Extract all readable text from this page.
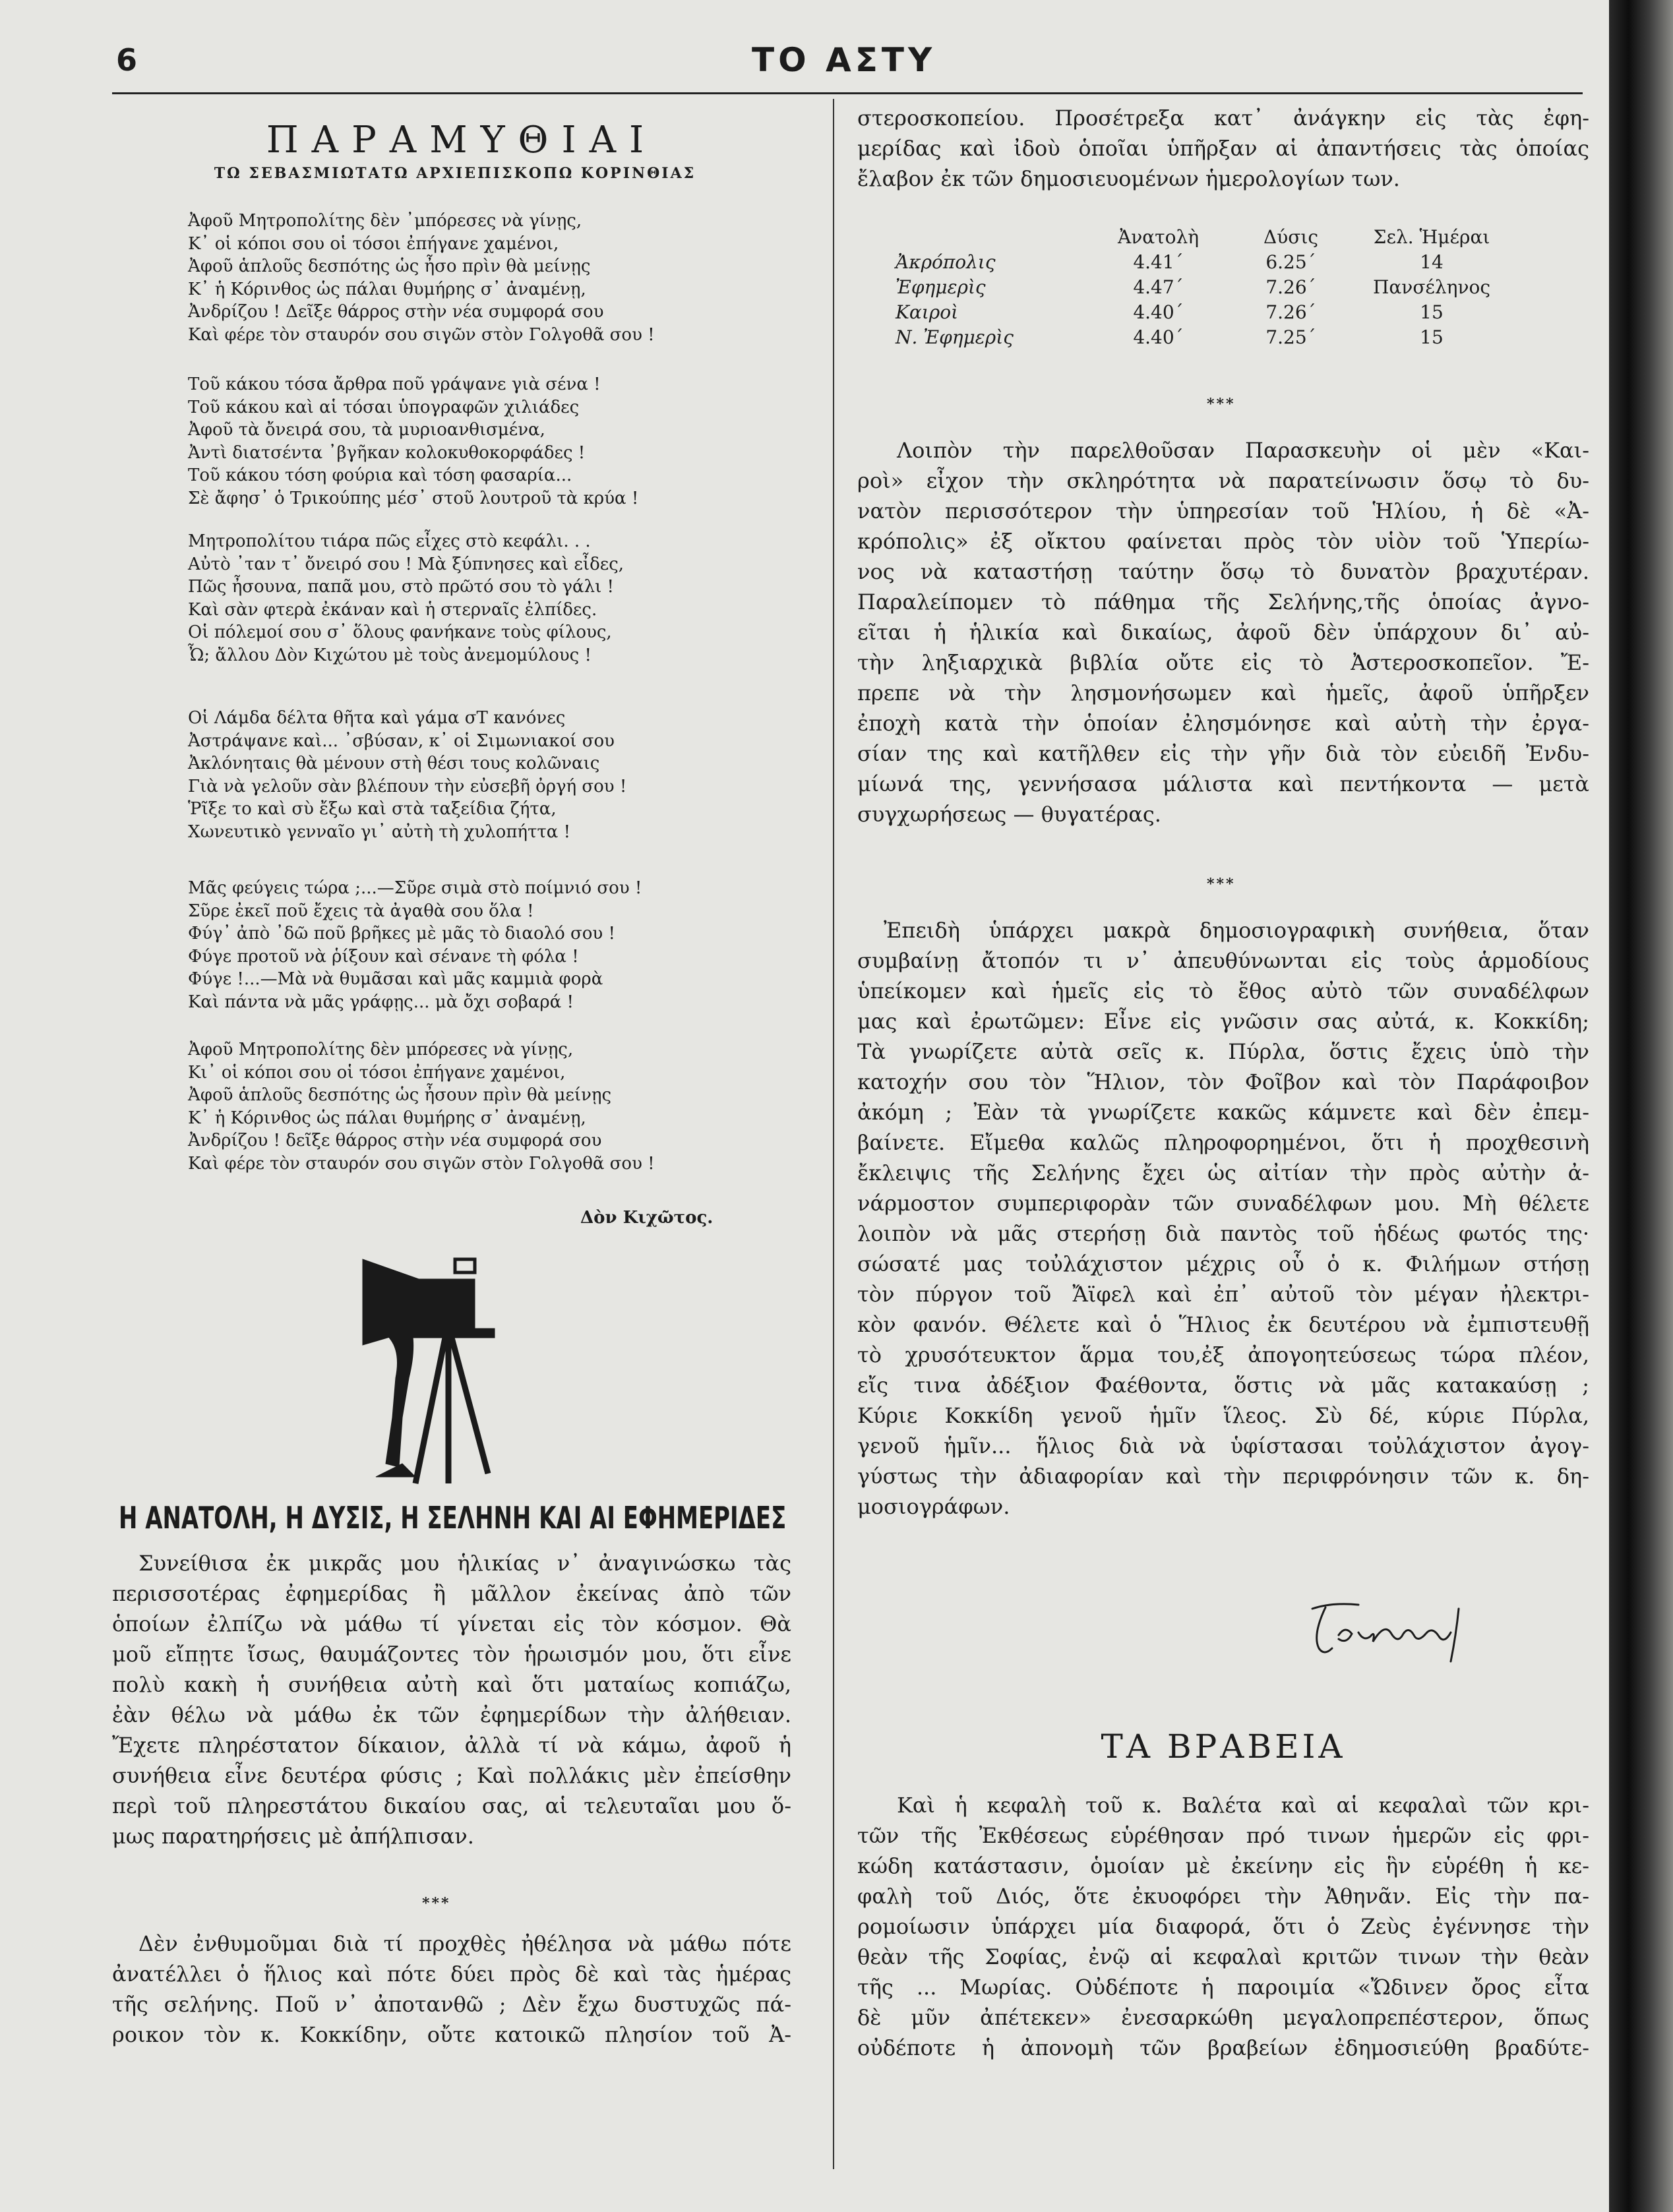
6	ΤΟ ΑΣΤΥ
ΠΑΡΑΜΥΘΙΑΙ
ΤΩ ΣΕΒΑΣΜΙΩΤΑΤΩ ΑΡΧΙΕΠΙΣΚΟΠΩ ΚΟΡΙΝΘΙΑΣ
Ἀφοῦ Μητροπολίτης δὲν ᾽μπόρεσες νὰ γίνῃς,
Κ᾽ οἱ κόποι σου οἱ τόσοι ἐπήγανε χαμένοι,
Ἀφοῦ ἁπλοῦς δεσπότης ὡς ἦσο πρὶν θὰ μείνῃς
Κ᾽ ἡ Κόρινθος ὡς πάλαι θυμήρης σ᾽ ἀναμένῃ,
Ἀνδρίζου ! Δεῖξε θάρρος στὴν νέα συμφορά σου
Καὶ φέρε τὸν σταυρόν σου σιγῶν στὸν Γολγοθᾶ σου !
Τοῦ κάκου τόσα ἄρθρα ποῦ γράψανε γιὰ σένα !
Τοῦ κάκου καὶ αἱ τόσαι ὑπογραφῶν χιλιάδες
Ἀφοῦ τὰ ὄνειρά σου, τὰ μυριοανθισμένα,
Ἀντὶ διατσέντα ᾽βγῆκαν κολοκυθοκορφάδες !
Τοῦ κάκου τόση φούρια καὶ τόση φασαρία...
Σὲ ἄφησ᾽ ὁ Τρικούπης μέσ᾽ στοῦ λουτροῦ τὰ κρύα !
Μητροπολίτου τιάρα πῶς εἶχες στὸ κεφάλι. . .
Αὐτὸ ᾽ταν τ᾽ ὄνειρό σου ! Μὰ ξύπνησες καὶ εἶδες,
Πῶς ἦσουνα, παπᾶ μου, στὸ πρῶτό σου τὸ γάλι !
Καὶ σὰν φτερὰ ἐκάναν καὶ ἡ στερναῖς ἐλπίδες.
Οἱ πόλεμοί σου σ᾽ ὅλους φανήκανε τοὺς φίλους,
Ὦ; ἄλλου Δὸν Κιχώτου μὲ τοὺς ἀνεμομύλους !
Οἱ Λάμδα δέλτα θῆτα καὶ γάμα σΤ κανόνες
Ἀστράψανε καὶ... ᾽σβύσαν, κ᾽ οἱ Σιμωνιακοί σου
Ἀκλόνηταις θὰ μένουν στὴ θέσι τους κολῶναις
Γιὰ νὰ γελοῦν σὰν βλέπουν τὴν εὐσεβῆ ὀργή σου !
Ῥῖξε το καὶ σὺ ἔξω καὶ στὰ ταξείδια ζήτα,
Χωνευτικὸ γενναῖο γι᾽ αὐτὴ τὴ χυλοπήττα !
Μᾶς φεύγεις τώρα ;...—Σῦρε σιμὰ στὸ ποίμνιό σου !
Σῦρε ἐκεῖ ποῦ ἔχεις τὰ ἀγαθὰ σου ὅλα !
Φύγ᾽ ἀπὸ ᾽δῶ ποῦ βρῆκες μὲ μᾶς τὸ διαολό σου !
Φύγε προτοῦ νὰ ῥίξουν καὶ σένανε τὴ φόλα !
Φύγε !...—Μὰ νὰ θυμᾶσαι καὶ μᾶς καμμιὰ φορὰ
Καὶ πάντα νὰ μᾶς γράφῃς... μὰ ὄχι σοβαρά !
Ἀφοῦ Μητροπολίτης δὲν μπόρεσες νὰ γίνῃς,
Κι᾽ οἱ κόποι σου οἱ τόσοι ἐπήγανε χαμένοι,
Ἀφοῦ ἁπλοῦς δεσπότης ὡς ἦσουν πρὶν θὰ μείνῃς
Κ᾽ ἡ Κόρινθος ὡς πάλαι θυμήρης σ᾽ ἀναμένῃ,
Ἀνδρίζου ! δεῖξε θάρρος στὴν νέα συμφορά σου
Καὶ φέρε τὸν σταυρόν σου σιγῶν στὸν Γολγοθᾶ σου !
Δὸν Κιχῶτος.
Η ΑΝΑΤΟΛΗ, Η ΔΥΣΙΣ, Η ΣΕΛΗΝΗ ΚΑΙ ΑΙ ΕΦΗΜΕΡΙΔΕΣ
Συνείθισα ἐκ μικρᾶς μου ἡλικίας ν᾽ ἀναγινώσκω τὰς
περισσοτέρας ἐφημερίδας ἢ μᾶλλον ἐκείνας ἀπὸ τῶν
ὁποίων ἐλπίζω νὰ μάθω τί γίνεται εἰς τὸν κόσμον. Θὰ
μοῦ εἴπῃτε ἴσως, θαυμάζοντες τὸν ἡρωισμόν μου, ὅτι εἶνε
πολὺ κακὴ ἡ συνήθεια αὐτὴ καὶ ὅτι ματαίως κοπιάζω,
ἐὰν θέλω νὰ μάθω ἐκ τῶν ἐφημερίδων τὴν ἀλήθειαν.
Ἔχετε πληρέστατον δίκαιον, ἀλλὰ τί νὰ κάμω, ἀφοῦ ἡ
συνήθεια εἶνε δευτέρα φύσις ; Καὶ πολλάκις μὲν ἐπείσθην
περὶ τοῦ πληρεστάτου δικαίου σας, αἱ τελευταῖαι μου ὅ-
μως παρατηρήσεις μὲ ἀπήλπισαν.
***
Δὲν ἐνθυμοῦμαι διὰ τί προχθὲς ἠθέλησα νὰ μάθω πότε
ἀνατέλλει ὁ ἥλιος καὶ πότε δύει πρὸς δὲ καὶ τὰς ἡμέρας
τῆς σελήνης. Ποῦ ν᾽ ἀποτανθῶ ; Δὲν ἔχω δυστυχῶς πά-
ροικον τὸν κ. Κοκκίδην, οὔτε κατοικῶ πλησίον τοῦ Ἀ-
στεροσκοπείου. Προσέτρεξα κατ᾽ ἀνάγκην εἰς τὰς ἐφη-
μερίδας καὶ ἰδοὺ ὁποῖαι ὑπῆρξαν αἱ ἀπαντήσεις τὰς ὁποίας
ἔλαβον ἐκ τῶν δημοσιευομένων ἡμερολογίων των.
	Ἀνατολὴ	Δύσις	Σελ. Ἡμέραι
Ἀκρόπολις	4.41΄	6.25΄	14
Ἐφημερὶς	4.47΄	7.26΄	Πανσέληνος
Καιροὶ	4.40΄	7.26΄	15
Ν. Ἐφημερὶς	4.40΄	7.25΄	15
***
Λοιπὸν τὴν παρελθοῦσαν Παρασκευὴν οἱ μὲν «Και-
ροὶ» εἶχον τὴν σκληρότητα νὰ παρατείνωσιν ὅσῳ τὸ δυ-
νατὸν περισσότερον τὴν ὑπηρεσίαν τοῦ Ἡλίου, ἡ δὲ «Ἀ-
κρόπολις» ἐξ οἴκτου φαίνεται πρὸς τὸν υἱὸν τοῦ Ὑπερίω-
νος νὰ καταστήσῃ ταύτην ὅσῳ τὸ δυνατὸν βραχυτέραν.
Παραλείπομεν τὸ πάθημα τῆς Σελήνης,τῆς ὁποίας ἀγνο-
εῖται ἡ ἡλικία καὶ δικαίως, ἀφοῦ δὲν ὑπάρχουν δι᾽ αὐ-
τὴν ληξιαρχικὰ βιβλία οὔτε εἰς τὸ Ἀστεροσκοπεῖον. Ἔ-
πρεπε νὰ τὴν λησμονήσωμεν καὶ ἡμεῖς, ἀφοῦ ὑπῆρξεν
ἐποχὴ κατὰ τὴν ὁποίαν ἐλησμόνησε καὶ αὐτὴ τὴν ἐργα-
σίαν της καὶ κατῆλθεν εἰς τὴν γῆν διὰ τὸν εὐειδῆ Ἐνδυ-
μίωνά της, γεννήσασα μάλιστα καὶ πεντήκοντα — μετὰ
συγχωρήσεως — θυγατέρας.
***
Ἐπειδὴ ὑπάρχει μακρὰ δημοσιογραφικὴ συνήθεια, ὅταν
συμβαίνῃ ἄτοπόν τι ν᾽ ἀπευθύνωνται εἰς τοὺς ἁρμοδίους
ὑπείκομεν καὶ ἡμεῖς εἰς τὸ ἔθος αὐτὸ τῶν συναδέλφων
μας καὶ ἐρωτῶμεν: Εἶνε εἰς γνῶσιν σας αὐτά, κ. Κοκκίδη;
Τὰ γνωρίζετε αὐτὰ σεῖς κ. Πύρλα, ὅστις ἔχεις ὑπὸ τὴν
κατοχήν σου τὸν Ἥλιον, τὸν Φοῖβον καὶ τὸν Παράφοιβον
ἀκόμη ; Ἐὰν τὰ γνωρίζετε κακῶς κάμνετε καὶ δὲν ἐπεμ-
βαίνετε. Εἴμεθα καλῶς πληροφορημένοι, ὅτι ἡ προχθεσινὴ
ἔκλειψις τῆς Σελήνης ἔχει ὡς αἰτίαν τὴν πρὸς αὐτὴν ἀ-
νάρμοστον συμπεριφορὰν τῶν συναδέλφων μου. Μὴ θέλετε
λοιπὸν νὰ μᾶς στερήσῃ διὰ παντὸς τοῦ ἡδέως φωτός της·
σώσατέ μας τοὐλάχιστον μέχρις οὗ ὁ κ. Φιλήμων στήσῃ
τὸν πύργον τοῦ Ἄϊφελ καὶ ἐπ᾽ αὐτοῦ τὸν μέγαν ἠλεκτρι-
κὸν φανόν. Θέλετε καὶ ὁ Ἥλιος ἐκ δευτέρου νὰ ἐμπιστευθῇ
τὸ χρυσότευκτον ἅρμα του,ἐξ ἀπογοητεύσεως τώρα πλέον,
εἴς τινα ἀδέξιον Φαέθοντα, ὅστις νὰ μᾶς κατακαύσῃ ;
Κύριε Κοκκίδη γενοῦ ἡμῖν ἵλεος. Σὺ δέ, κύριε Πύρλα,
γενοῦ ἡμῖν... ἥλιος διὰ νὰ ὑφίστασαι τοὐλάχιστον ἀγογ-
γύστως τὴν ἀδιαφορίαν καὶ τὴν περιφρόνησιν τῶν κ. δη-
μοσιογράφων.
ΤΑ ΒΡΑΒΕΙΑ
Καὶ ἡ κεφαλὴ τοῦ κ. Βαλέτα καὶ αἱ κεφαλαὶ τῶν κρι-
τῶν τῆς Ἐκθέσεως εὑρέθησαν πρό τινων ἡμερῶν εἰς φρι-
κώδη κατάστασιν, ὁμοίαν μὲ ἐκείνην εἰς ἣν εὑρέθη ἡ κε-
φαλὴ τοῦ Διός, ὅτε ἐκυοφόρει τὴν Ἀθηνᾶν. Εἰς τὴν πα-
ρομοίωσιν ὑπάρχει μία διαφορά, ὅτι ὁ Ζεὺς ἐγέννησε τὴν
θεὰν τῆς Σοφίας, ἐνῷ αἱ κεφαλαὶ κριτῶν τινων τὴν θεὰν
τῆς ... Μωρίας. Οὐδέποτε ἡ παροιμία «Ὤδινεν ὄρος εἶτα
δὲ μῦν ἀπέτεκεν» ἐνεσαρκώθη μεγαλοπρεπέστερον, ὅπως
οὐδέποτε ἡ ἀπονομὴ τῶν βραβείων ἐδημοσιεύθη βραδύτε-
